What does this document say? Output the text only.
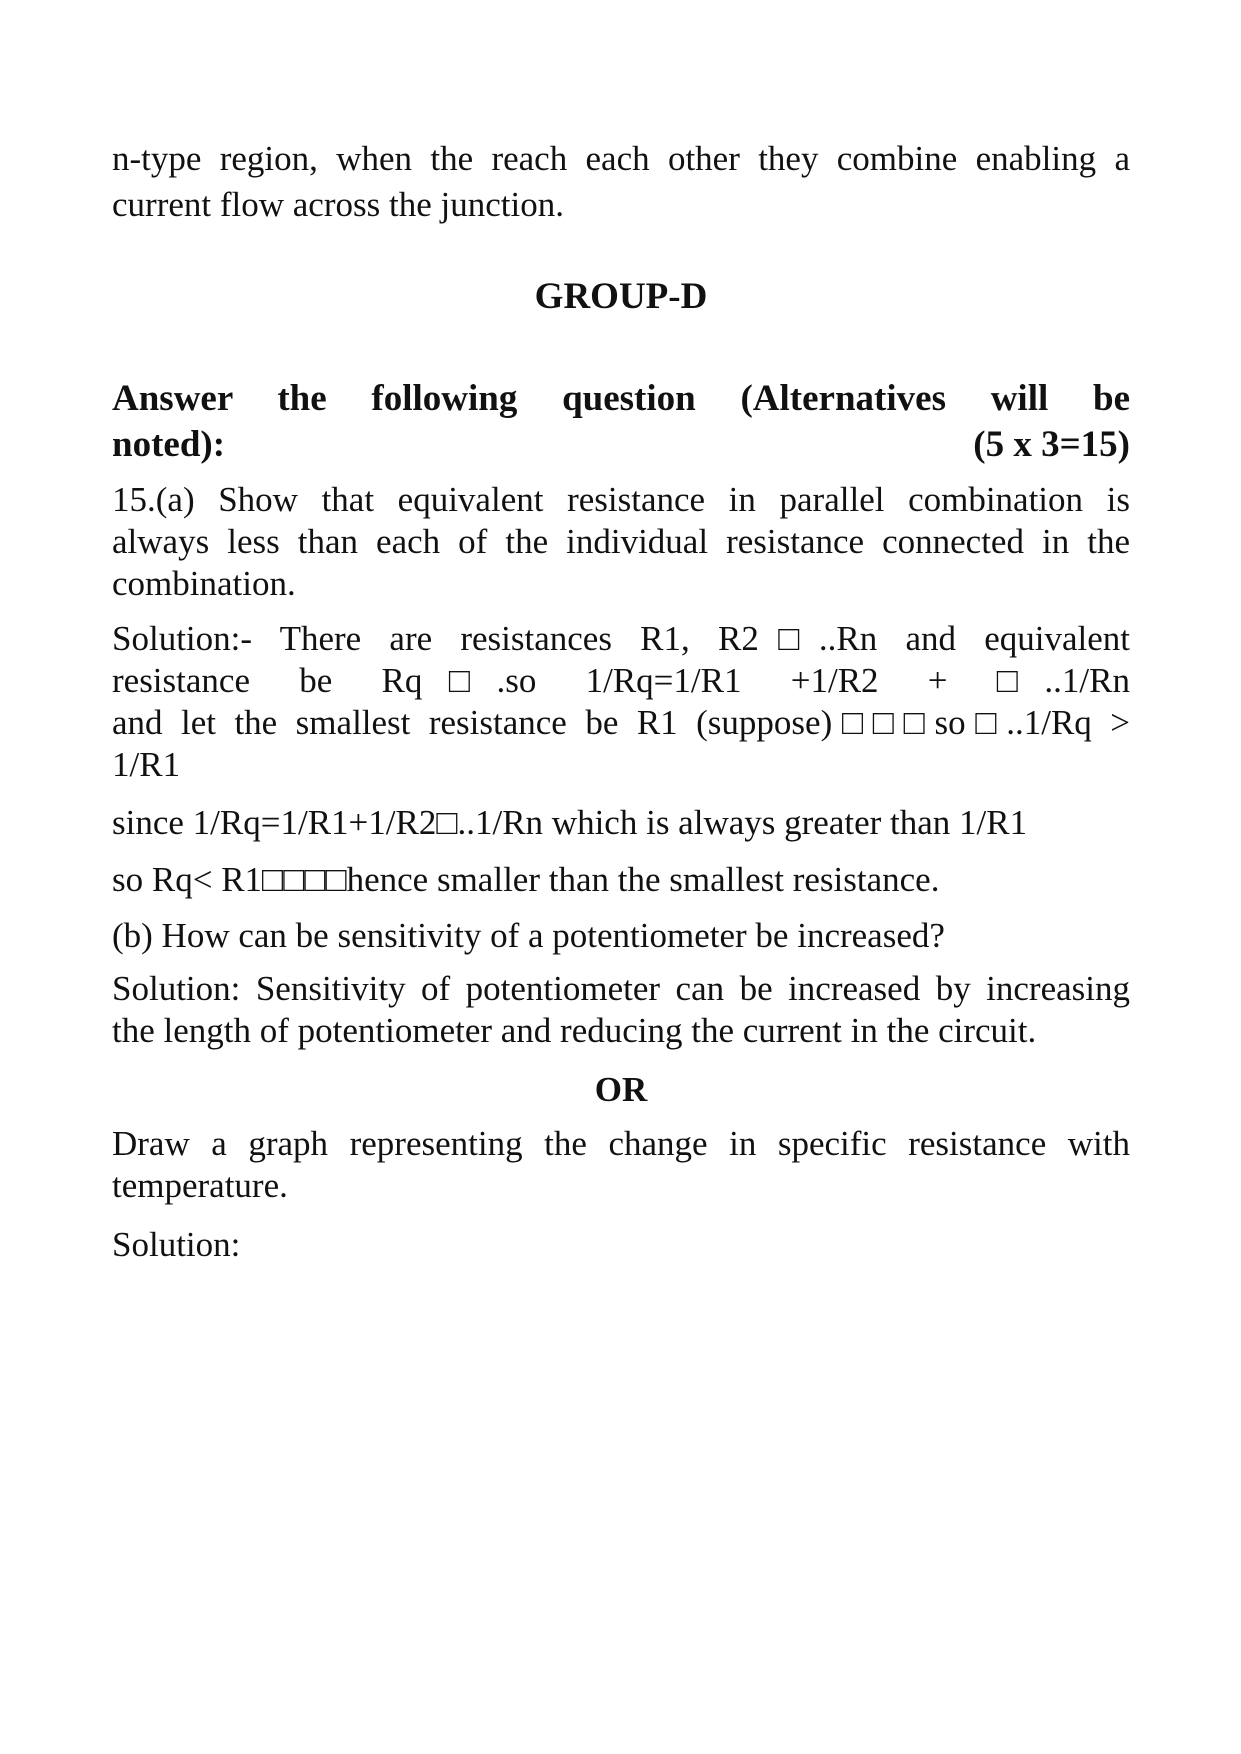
n-type region, when the reach each other they combine enabling a
current flow across the junction.
GROUP-D
Answer the following question (Alternatives will be
noted):	(5 x 3=15)
15.(a) Show that equivalent resistance in parallel combination is
always less than each of the individual resistance connected in the
combination.
Solution:- There are resistances R1, R2□..Rn and equivalent
resistance be Rq□.so 1/Rq=1/R1 +1/R2 + □..1/Rn
and let the smallest resistance be R1 (suppose)□□□so□..1/Rq >
1/R1
since 1/Rq=1/R1+1/R2□..1/Rn which is always greater than 1/R1
so Rq< R1□□□□hence smaller than the smallest resistance.
(b) How can be sensitivity of a potentiometer be increased?
Solution: Sensitivity of potentiometer can be increased by increasing
the length of potentiometer and reducing the current in the circuit.
OR
Draw a graph representing the change in specific resistance with
temperature.
Solution:
